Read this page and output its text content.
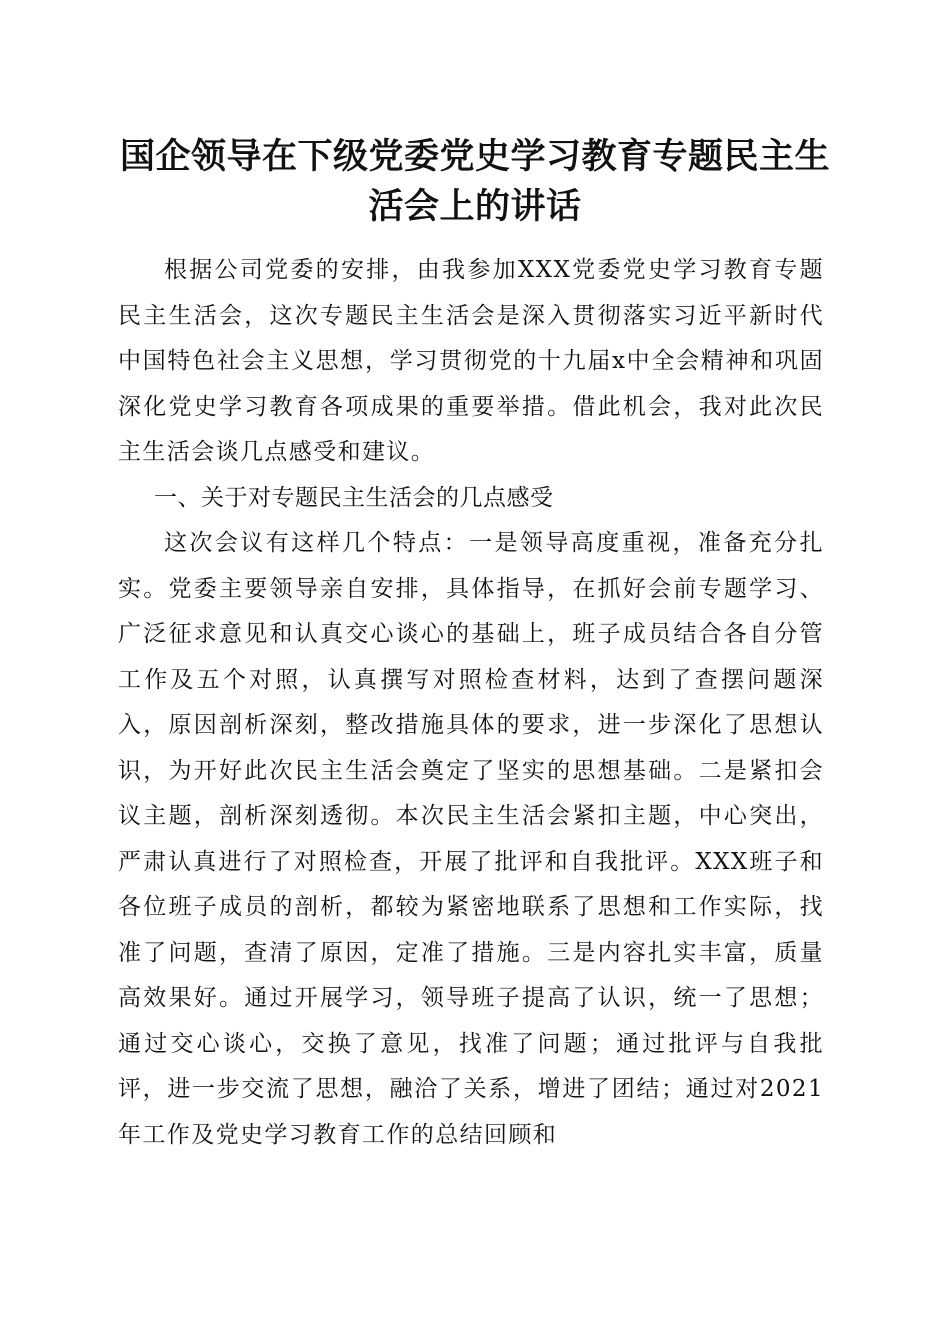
国企领导在下级党委党史学习教育专题民主生
活会上的讲话

根据公司党委的安排，由我参加XXX党委党史学习教育专题民主生活会，这次专题民主生活会是深入贯彻落实习近平新时代中国特色社会主义思想，学习贯彻党的十九届x中全会精神和巩固深化党史学习教育各项成果的重要举措。借此机会，我对此次民主生活会谈几点感受和建议。

一、关于对专题民主生活会的几点感受

这次会议有这样几个特点：一是领导高度重视，准备充分扎实。党委主要领导亲自安排，具体指导，在抓好会前专题学习、广泛征求意见和认真交心谈心的基础上，班子成员结合各自分管工作及五个对照，认真撰写对照检查材料，达到了查摆问题深入，原因剖析深刻，整改措施具体的要求，进一步深化了思想认识，为开好此次民主生活会奠定了坚实的思想基础。二是紧扣会议主题，剖析深刻透彻。本次民主生活会紧扣主题，中心突出，严肃认真进行了对照检查，开展了批评和自我批评。XXX班子和各位班子成员的剖析，都较为紧密地联系了思想和工作实际，找准了问题，查清了原因，定准了措施。三是内容扎实丰富，质量高效果好。通过开展学习，领导班子提高了认识，统一了思想；通过交心谈心，交换了意见，找准了问题；通过批评与自我批评，进一步交流了思想，融洽了关系，增进了团结；通过对2021年工作及党史学习教育工作的总结回顾和
